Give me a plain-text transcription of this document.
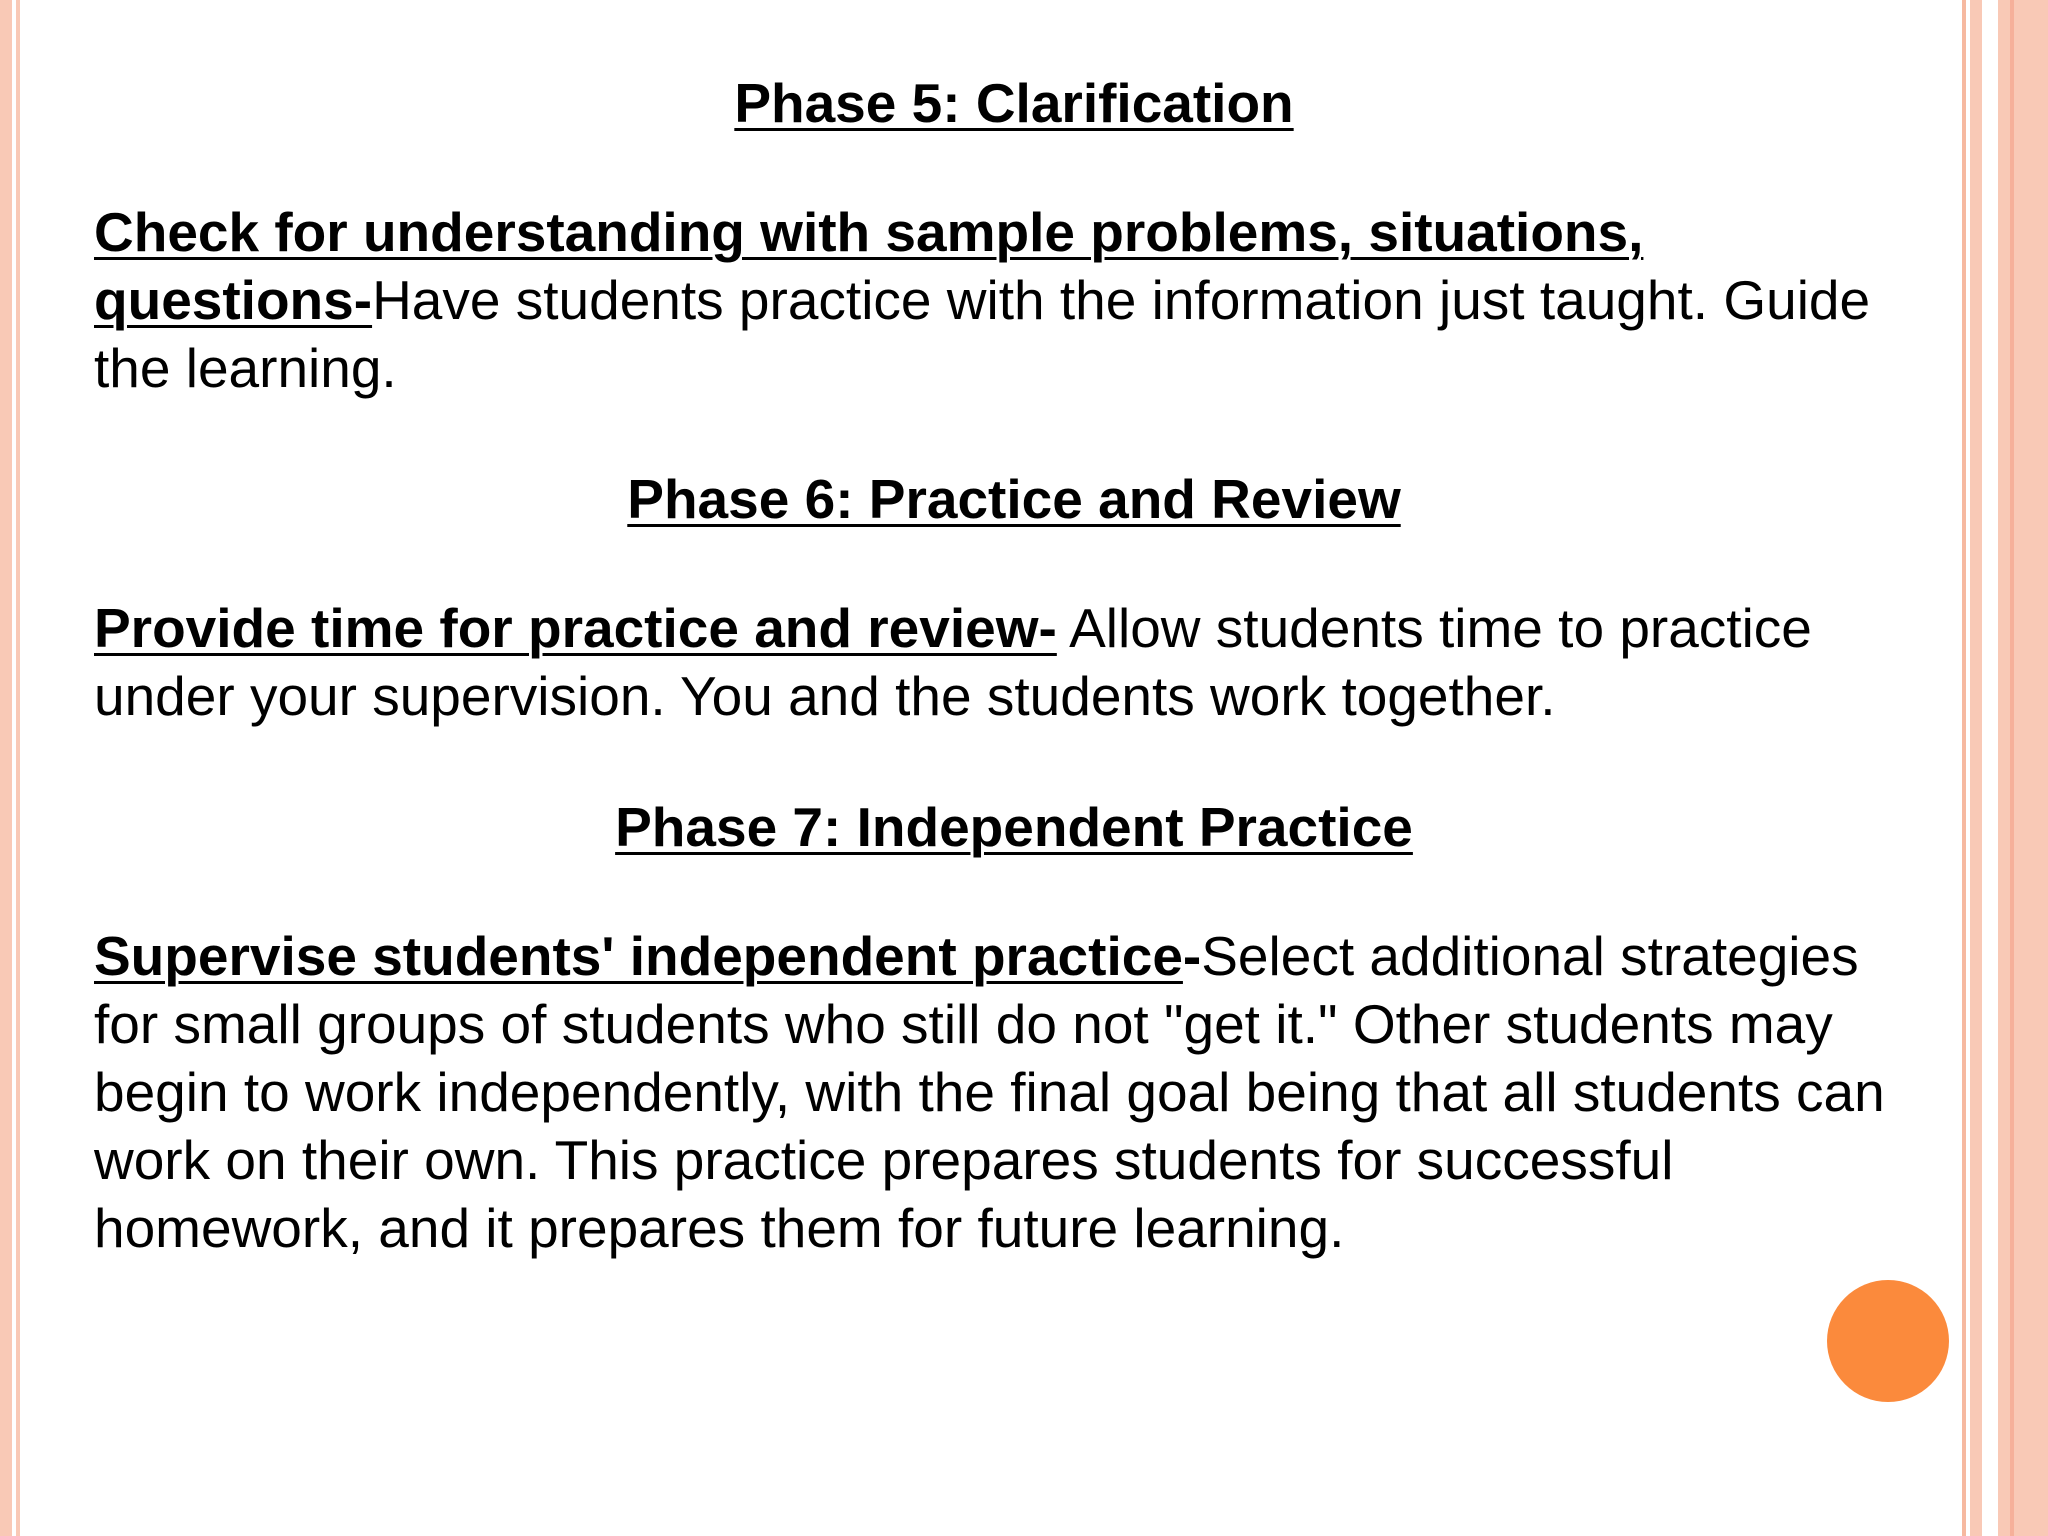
Phase 5: Clarification

Check for understanding with sample problems, situations, questions-Have students practice with the information just taught. Guide the learning.

Phase 6: Practice and Review

Provide time for practice and review- Allow students time to practice under your supervision. You and the students work together.

Phase 7: Independent Practice

Supervise students' independent practice-Select additional strategies for small groups of students who still do not "get it." Other students may begin to work independently, with the final goal being that all students can work on their own. This practice prepares students for successful homework, and it prepares them for future learning.
